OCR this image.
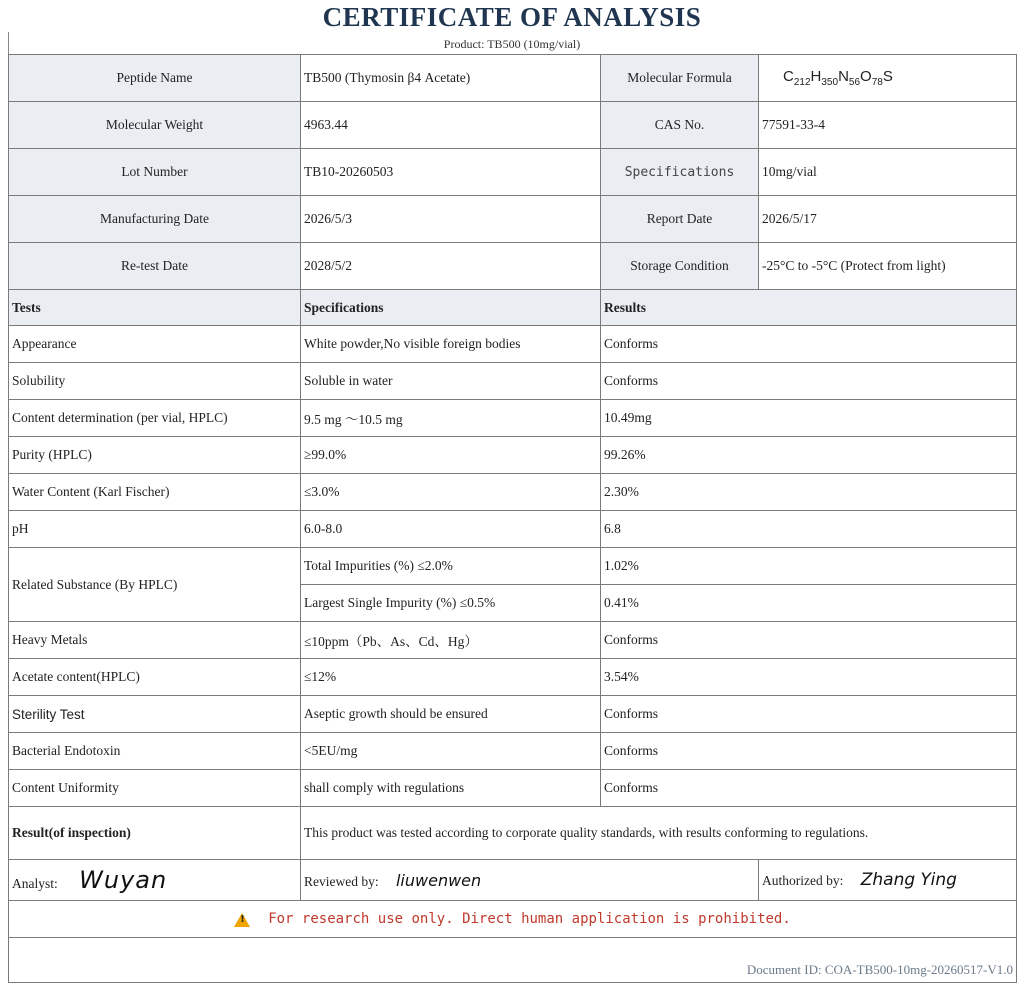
CERTIFICATE OF ANALYSIS
Product: TB500 (10mg/vial)
Peptide Name	TB500 (Thymosin β4 Acetate)	Molecular Formula	$C_{212}H_{350}N_{56}O_{78}S$
Molecular Weight	4963.44	CAS No.	77591-33-4
Lot Number	TB10-20260503	Specifications	10mg/vial
Manufacturing Date	2026/5/3	Report Date	2026/5/17
Re-test Date	2028/5/2	Storage Condition	-25°C to -5°C (Protect from light)
Tests	Specifications	Results	
Appearance	White powder,No visible foreign bodies	Conforms	
Solubility	Soluble in water	Conforms	
Content determination (per vial, HPLC)	9.5 mg ～10.5 mg	10.49mg	
Purity (HPLC)	≥99.0%	99.26%	
Water Content (Karl Fischer)	≤3.0%	2.30%	
pH	6.0-8.0	6.8	
Related Substance (By HPLC)	Total Impurities (%) ≤2.0%	1.02%	
	Largest Single Impurity (%) ≤0.5%	0.41%	
Heavy Metals	≤10ppm（Pb、As、Cd、Hg）	Conforms	
Acetate content(HPLC)	≤12%	3.54%	
Sterility Test	Aseptic growth should be ensured	Conforms	
Bacterial Endotoxin	<5EU/mg	Conforms	
Content Uniformity	shall comply with regulations	Conforms	
Result(of inspection)	This product was tested according to corporate quality standards, with results conforming to regulations.		
Analyst: Wuyan	Reviewed by: liuwenwen		Authorized by: Zhang Ying
!For research use only. Direct human application is prohibited.
Document ID: COA-TB500-10mg-20260517-V1.0			
